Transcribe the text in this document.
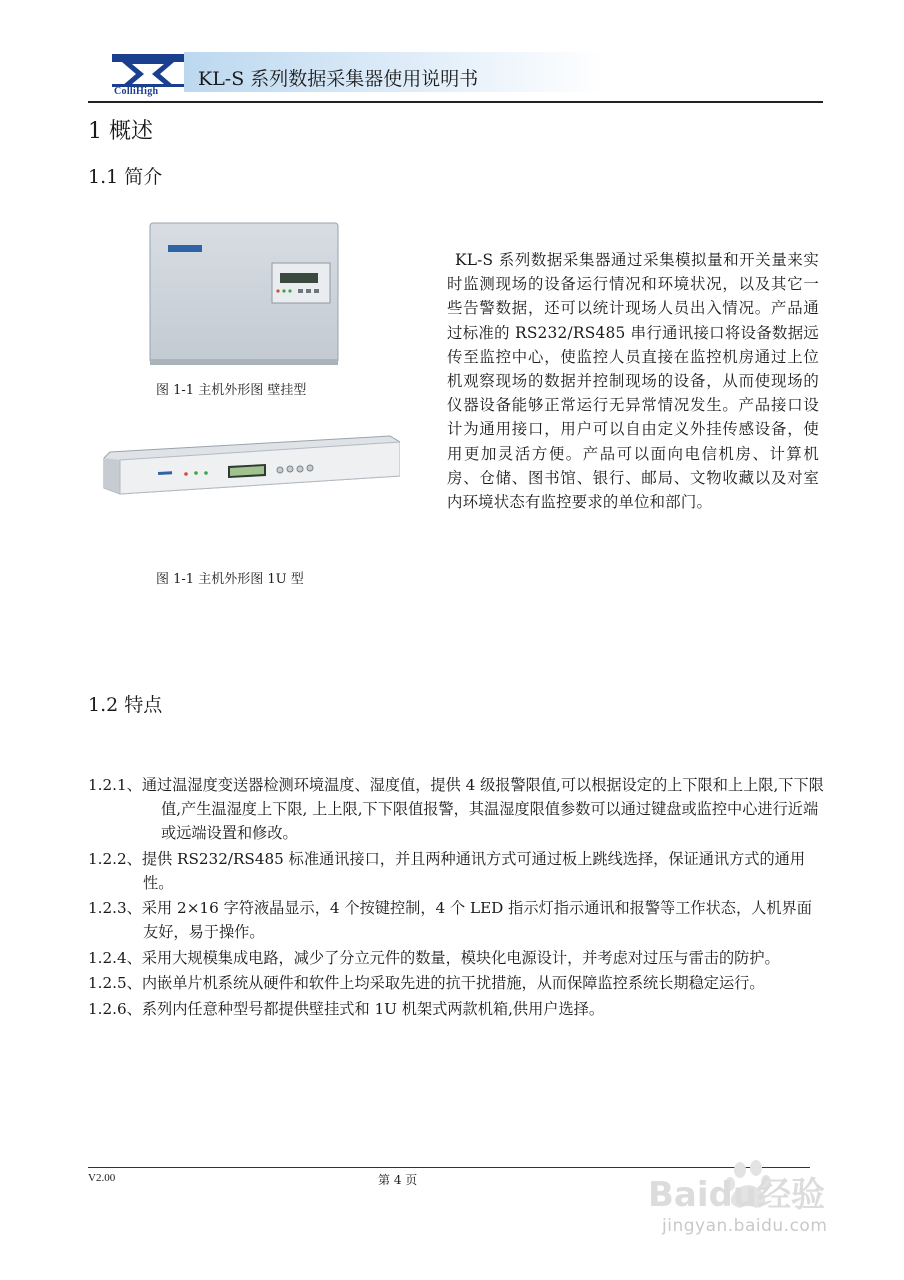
ColliHigh
KL-S 系列数据采集器使用说明书
1 概述
1.1 简介
图 1-1 主机外形图 壁挂型
图 1-1 主机外形图 1U 型
KL-S 系列数据采集器通过采集模拟量和开关量来实时监测现场的设备运行情况和环境状况，以及其它一些告警数据，还可以统计现场人员出入情况。产品通过标准的 RS232/RS485 串行通讯接口将设备数据远传至监控中心，使监控人员直接在监控机房通过上位机观察现场的数据并控制现场的设备，从而使现场的仪器设备能够正常运行无异常情况发生。产品接口设计为通用接口，用户可以自由定义外挂传感设备，使用更加灵活方便。产品可以面向电信机房、计算机房、仓储、图书馆、银行、邮局、文物收藏以及对室内环境状态有监控要求的单位和部门。
1.2 特点
1.2.1、通过温湿度变送器检测环境温度、湿度值，提供 4 级报警限值,可以根据设定的上下限和上上限,下下限值,产生温湿度上下限, 上上限,下下限值报警，其温湿度限值参数可以通过键盘或监控中心进行近端或远端设置和修改。
1.2.2、提供 RS232/RS485 标准通讯接口，并且两种通讯方式可通过板上跳线选择，保证通讯方式的通用性。
1.2.3、采用 2×16 字符液晶显示，4 个按键控制，4 个 LED 指示灯指示通讯和报警等工作状态，人机界面友好，易于操作。
1.2.4、采用大规模集成电路，减少了分立元件的数量，模块化电源设计，并考虑对过压与雷击的防护。
1.2.5、内嵌单片机系统从硬件和软件上均采取先进的抗干扰措施，从而保障监控系统长期稳定运行。
1.2.6、系列内任意种型号都提供壁挂式和 1U 机架式两款机箱,供用户选择。
V2.00	第 4 页	Baidu经验
jingyan.baidu.com
